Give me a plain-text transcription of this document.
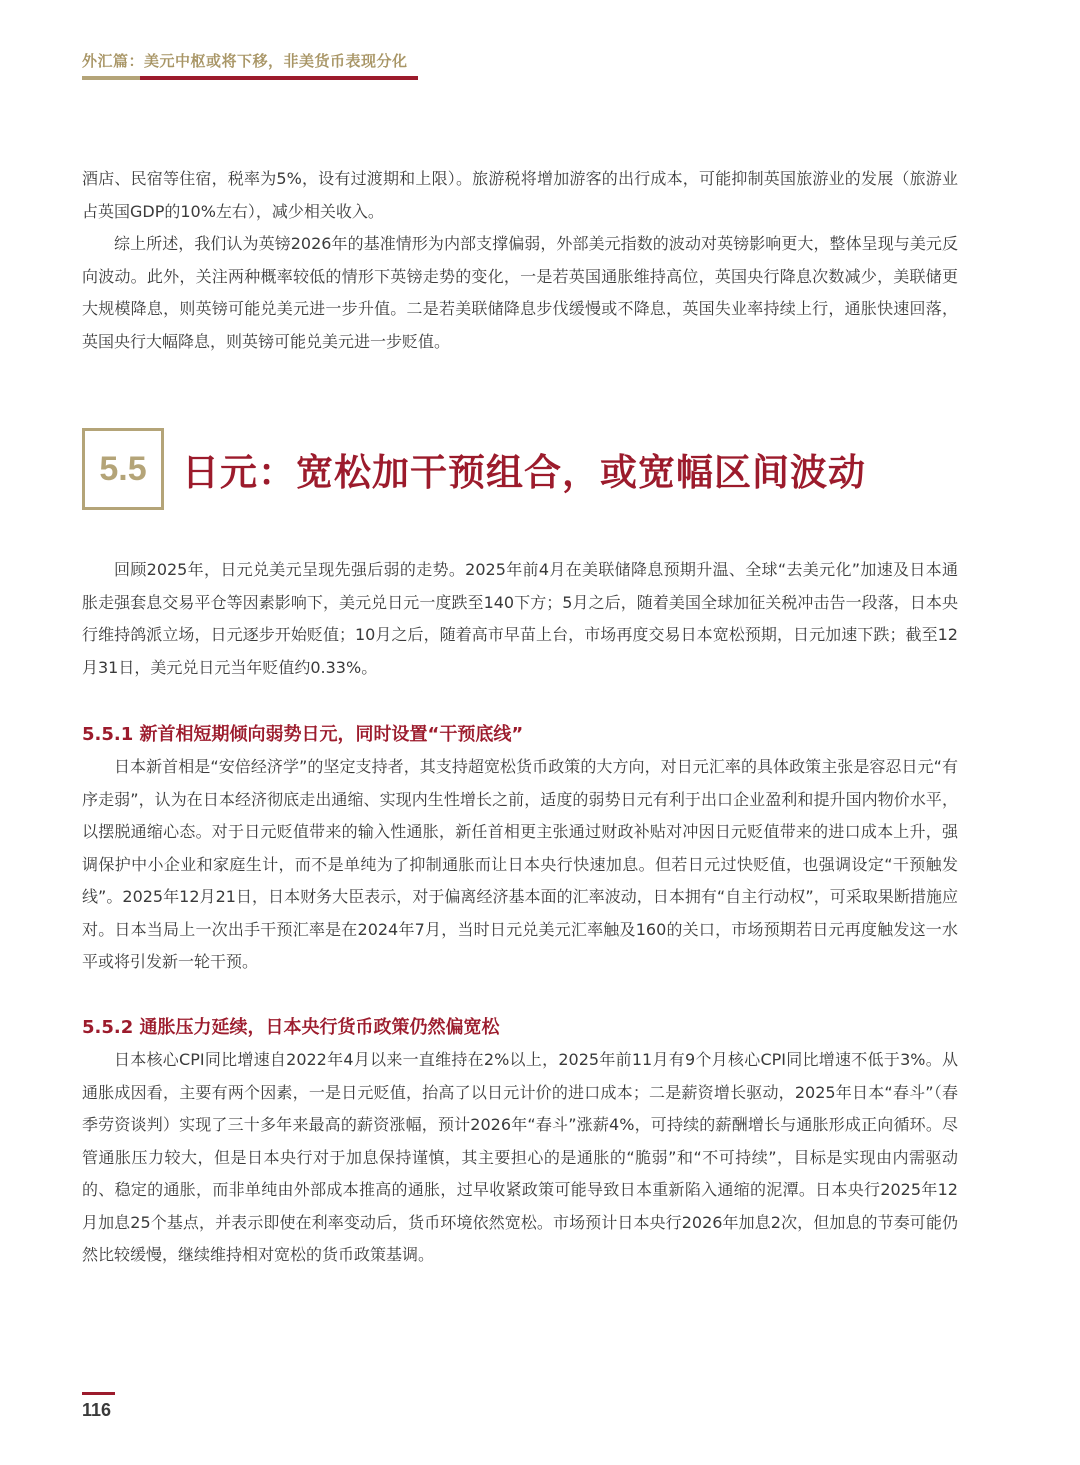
外汇篇：美元中枢或将下移，非美货币表现分化

酒店、民宿等住宿，税率为5%，设有过渡期和上限）。旅游税将增加游客的出行成本，可能抑制英国旅游业的发展（旅游业占英国GDP的10%左右），减少相关收入。

综上所述，我们认为英镑2026年的基准情形为内部支撑偏弱，外部美元指数的波动对英镑影响更大，整体呈现与美元反向波动。此外，关注两种概率较低的情形下英镑走势的变化，一是若英国通胀维持高位，英国央行降息次数减少，美联储更大规模降息，则英镑可能兑美元进一步升值。二是若美联储降息步伐缓慢或不降息，英国失业率持续上行，通胀快速回落，英国央行大幅降息，则英镑可能兑美元进一步贬值。

5.5 日元：宽松加干预组合，或宽幅区间波动

回顾2025年，日元兑美元呈现先强后弱的走势。2025年前4月在美联储降息预期升温、全球“去美元化”加速及日本通胀走强套息交易平仓等因素影响下，美元兑日元一度跌至140下方；5月之后，随着美国全球加征关税冲击告一段落，日本央行维持鸽派立场，日元逐步开始贬值；10月之后，随着高市早苗上台，市场再度交易日本宽松预期，日元加速下跌；截至12月31日，美元兑日元当年贬值约0.33%。

5.5.1 新首相短期倾向弱势日元，同时设置“干预底线”

日本新首相是“安倍经济学”的坚定支持者，其支持超宽松货币政策的大方向，对日元汇率的具体政策主张是容忍日元“有序走弱”，认为在日本经济彻底走出通缩、实现内生性增长之前，适度的弱势日元有利于出口企业盈利和提升国内物价水平，以摆脱通缩心态。对于日元贬值带来的输入性通胀，新任首相更主张通过财政补贴对冲因日元贬值带来的进口成本上升，强调保护中小企业和家庭生计，而不是单纯为了抑制通胀而让日本央行快速加息。但若日元过快贬值，也强调设定“干预触发线”。2025年12月21日，日本财务大臣表示，对于偏离经济基本面的汇率波动，日本拥有“自主行动权”，可采取果断措施应对。日本当局上一次出手干预汇率是在2024年7月，当时日元兑美元汇率触及160的关口，市场预期若日元再度触发这一水平或将引发新一轮干预。

5.5.2 通胀压力延续，日本央行货币政策仍然偏宽松

日本核心CPI同比增速自2022年4月以来一直维持在2%以上，2025年前11月有9个月核心CPI同比增速不低于3%。从通胀成因看，主要有两个因素，一是日元贬值，抬高了以日元计价的进口成本；二是薪资增长驱动，2025年日本“春斗”（春季劳资谈判）实现了三十多年来最高的薪资涨幅，预计2026年“春斗”涨薪4%，可持续的薪酬增长与通胀形成正向循环。尽管通胀压力较大，但是日本央行对于加息保持谨慎，其主要担心的是通胀的“脆弱”和“不可持续”，目标是实现由内需驱动的、稳定的通胀，而非单纯由外部成本推高的通胀，过早收紧政策可能导致日本重新陷入通缩的泥潭。日本央行2025年12月加息25个基点，并表示即使在利率变动后，货币环境依然宽松。市场预计日本央行2026年加息2次，但加息的节奏可能仍然比较缓慢，继续维持相对宽松的货币政策基调。

116
